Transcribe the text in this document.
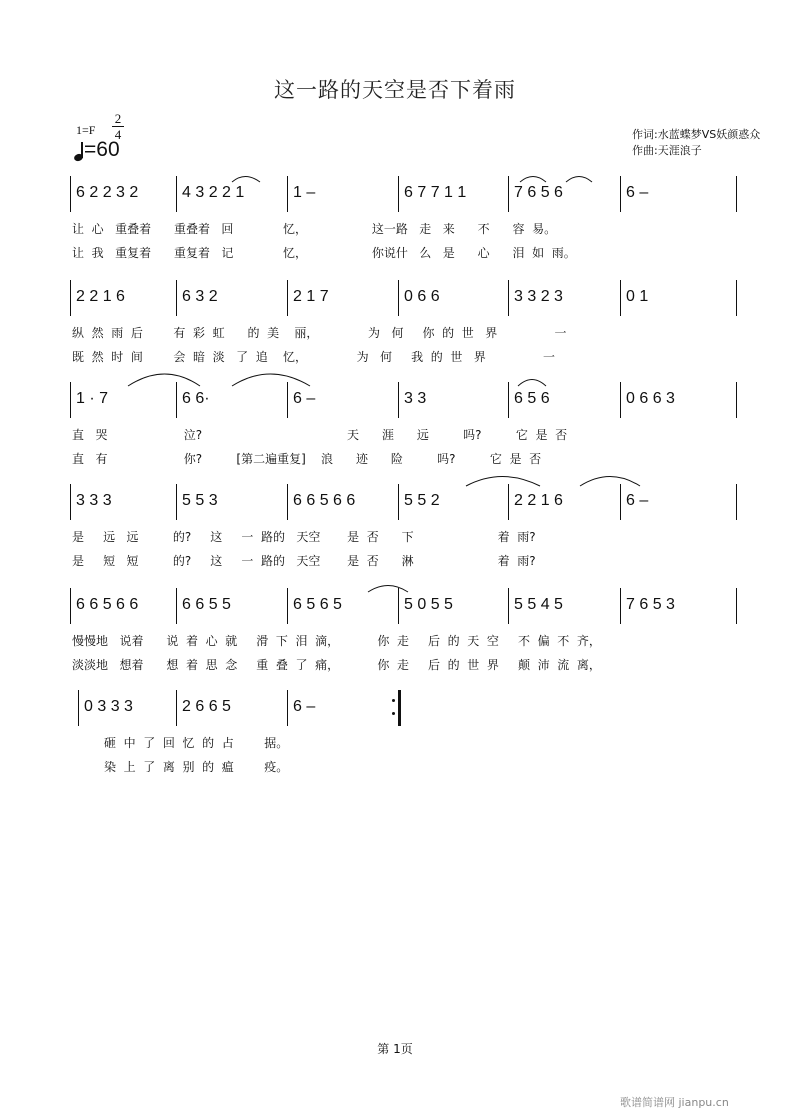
这一路的天空是否下着雨
1=F
2
4
=60
作词:水蓝蝶梦VS妖颜惑众
作曲:天涯浪子
6 2 2 3 2	4 3 2 2 1	1 –	6 7 7 1 1	7 6 5 6	6 –
让  心   重叠着      重叠着   回             忆，                 这一路   走   来      不      容  易。
让  我   重复着      重复着   记             忆，                 你说什   么   是      心      泪  如  雨。
2 2 1 6	6 3 2	2 1 7	0 6 6	3 3 2 3	0 1
纵  然  雨  后        有  彩  虹      的  美    丽，             为   何     你  的  世   界               一
既  然  时  间        会  暗  淡   了  追    忆，             为   何     我  的  世   界               一
1 · 7	6 6·	6 –	3 3	6 5 6	0 6 6 3
直   哭                    泣?                                      天      涯      远         吗?         它  是  否
直   有                    你?         [第二遍重复]    浪      迹      险         吗?         它  是  否
3 3 3	5 5 3	6 6 5 6 6	5 5 2	2 2 1 6	6 –
是     远   远         的?     这     一  路的   天空       是  否      下                      着  雨?
是     短   短         的?     这     一  路的   天空       是  否      淋                      着  雨?
6 6 5 6 6	6 6 5 5	6 5 6 5	5 0 5 5	5 5 4 5	7 6 5 3
慢慢地   说着      说  着  心  就     滑  下  泪  滴，          你  走     后  的  天  空     不  偏  不  齐，
淡淡地   想着      想  着  思  念     重  叠  了  痛，          你  走     后  的  世  界     颠  沛  流  离，
0 3 3 3	2 6 6 5	6 –
砸  中  了  回  忆  的  占        据。
染  上  了  离  别  的  瘟        疫。
第 1页
歌谱简谱网 jianpu.cn
